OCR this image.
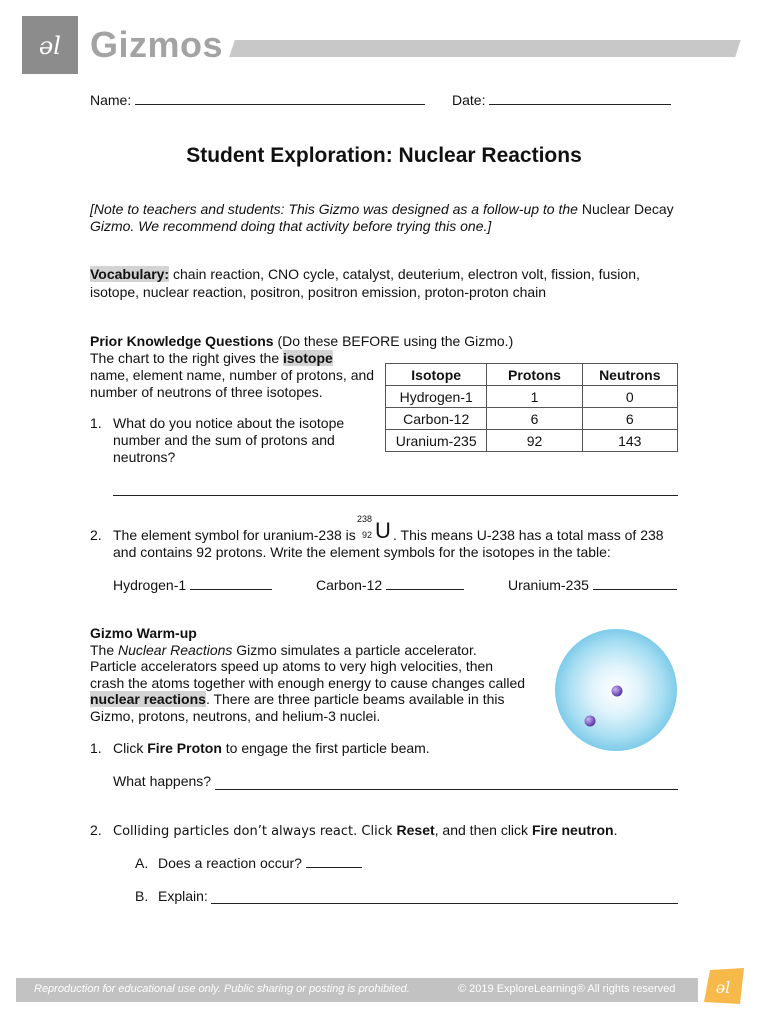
əl Gizmos
Name:	Date:
Student Exploration: Nuclear Reactions
[Note to teachers and students: This Gizmo was designed as a follow-up to the Nuclear Decay
Gizmo. We recommend doing that activity before trying this one.]
Vocabulary: chain reaction, CNO cycle, catalyst, deuterium, electron volt, fission, fusion,
isotope, nuclear reaction, positron, positron emission, proton-proton chain
Prior Knowledge Questions (Do these BEFORE using the Gizmo.)
The chart to the right gives the isotope
name, element name, number of protons, and
number of neutrons of three isotopes.
Isotope	Protons	Neutrons
Hydrogen-1	1	0
Carbon-12	6	6
Uranium-235	92	143
1. What do you notice about the isotope
number and the sum of protons and
neutrons?
2. The element symbol for uranium-238 is
238
92 U . This means U-238 has a total mass of 238
and contains 92 protons. Write the element symbols for the isotopes in the table:
Hydrogen-1	Carbon-12	Uranium-235
Gizmo Warm-up
The Nuclear Reactions Gizmo simulates a particle accelerator.
Particle accelerators speed up atoms to very high velocities, then
crash the atoms together with enough energy to cause changes called
nuclear reactions. There are three particle beams available in this
Gizmo, protons, neutrons, and helium-3 nuclei.
1. Click Fire Proton to engage the first particle beam.
What happens?
2. Colliding particles don’t always react. Click Reset, and then click Fire neutron.
A. Does a reaction occur?
B. Explain:
Reproduction for educational use only. Public sharing or posting is prohibited.	© 2019 ExploreLearning® All rights reserved	əl
